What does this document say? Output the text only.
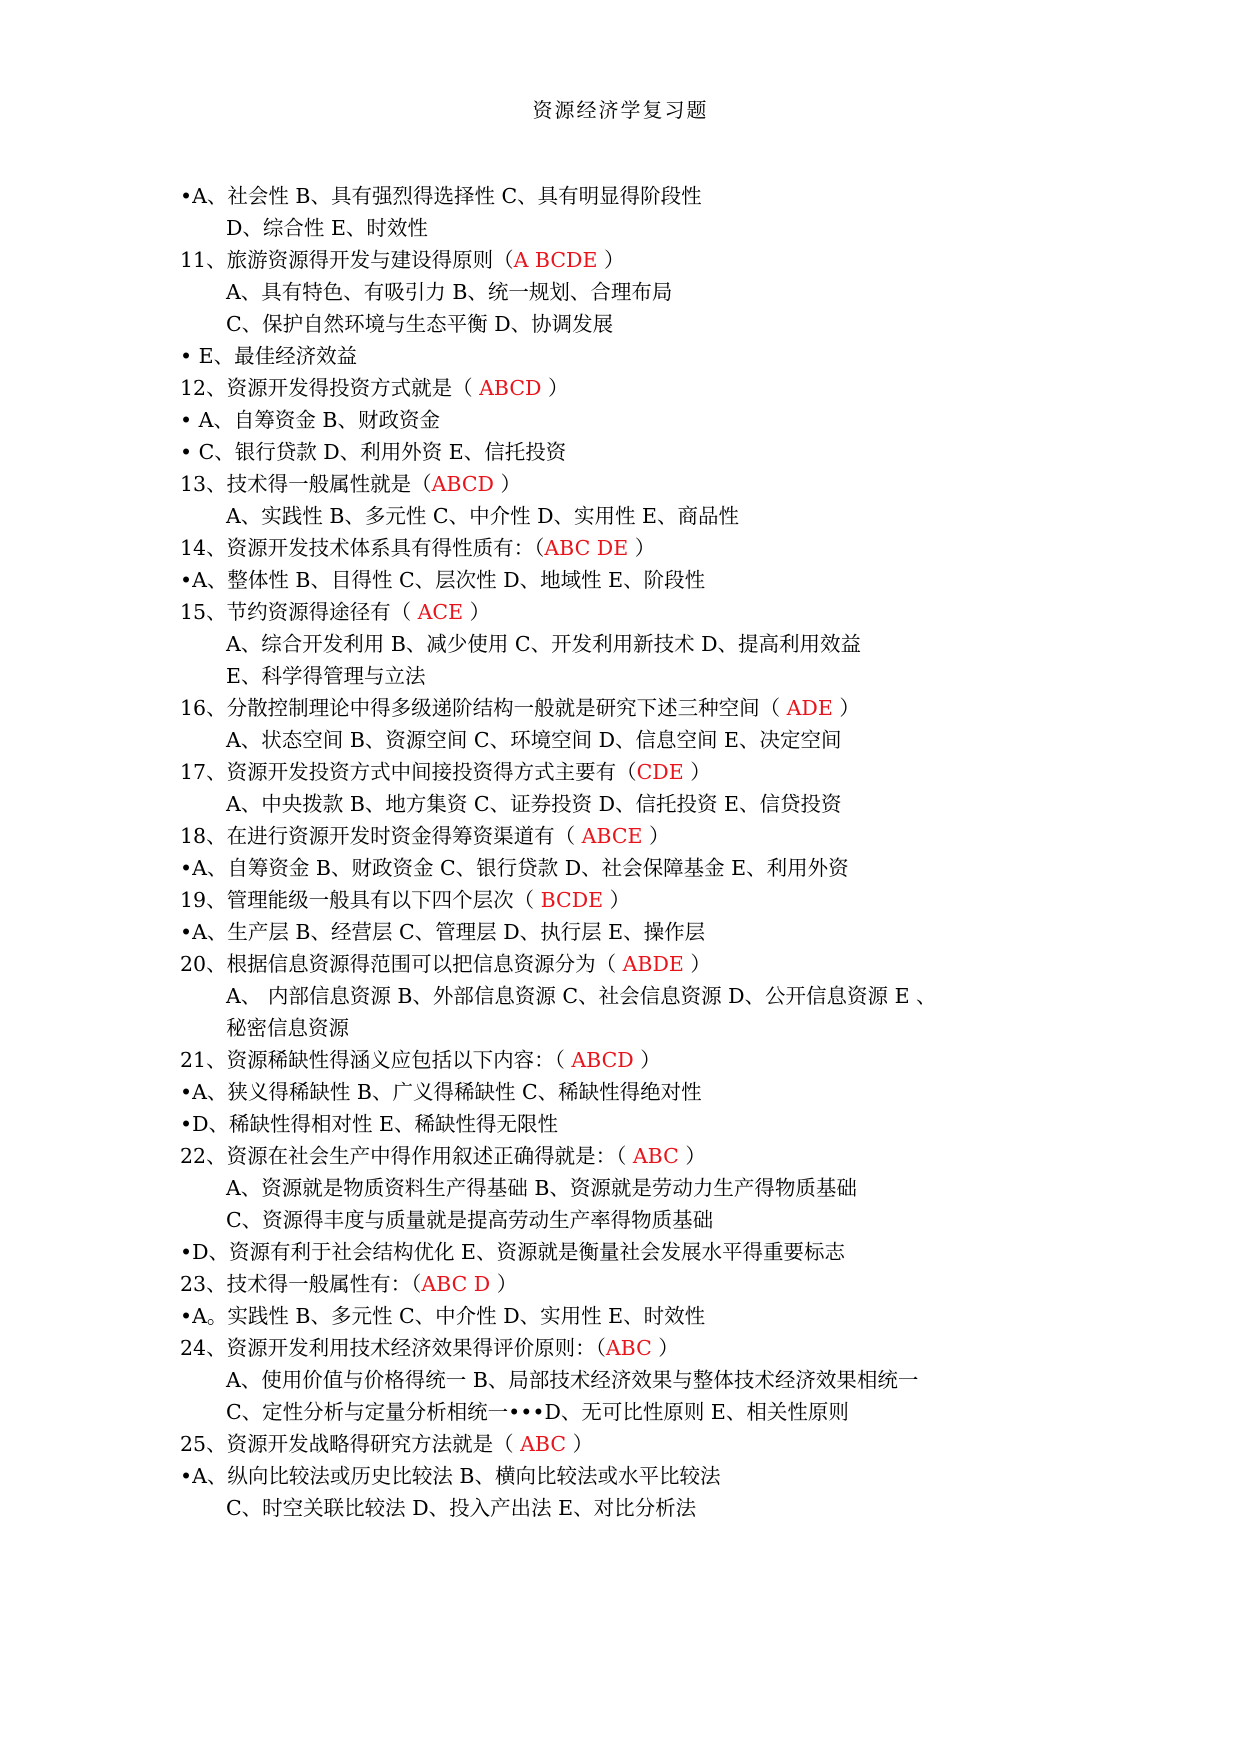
资源经济学复习题
•A、社会性 B、具有强烈得选择性 C、具有明显得阶段性
D、综合性 E、时效性
11、旅游资源得开发与建设得原则（A BCDE ）
A、具有特色、有吸引力 B、统一规划、合理布局
C、保护自然环境与生态平衡 D、协调发展
• E、最佳经济效益
12、资源开发得投资方式就是（ ABCD ）
• A、自筹资金 B、财政资金
• C、银行贷款 D、利用外资 E、信托投资
13、技术得一般属性就是（ABCD ）
A、实践性 B、多元性 C、中介性 D、实用性 E、商品性
14、资源开发技术体系具有得性质有：（ABC DE ）
•A、整体性 B、目得性 C、层次性 D、地域性 E、阶段性
15、节约资源得途径有（ ACE ）
A、综合开发利用 B、减少使用 C、开发利用新技术 D、提高利用效益
E、科学得管理与立法
16、分散控制理论中得多级递阶结构一般就是研究下述三种空间（ ADE ）
A、状态空间 B、资源空间 C、环境空间 D、信息空间 E、决定空间
17、资源开发投资方式中间接投资得方式主要有（CDE ）
A、中央拨款 B、地方集资 C、证券投资 D、信托投资 E、信贷投资
18、在进行资源开发时资金得筹资渠道有（ ABCE ）
•A、自筹资金 B、财政资金 C、银行贷款 D、社会保障基金 E、利用外资
19、管理能级一般具有以下四个层次（ BCDE ）
•A、生产层 B、经营层 C、管理层 D、执行层 E、操作层
20、根据信息资源得范围可以把信息资源分为（ ABDE ）
A、 内部信息资源 B、外部信息资源 C、社会信息资源 D、公开信息资源 E 、
秘密信息资源
21、资源稀缺性得涵义应包括以下内容：（ ABCD ）
•A、狭义得稀缺性 B、广义得稀缺性 C、稀缺性得绝对性
•D、稀缺性得相对性 E、稀缺性得无限性
22、资源在社会生产中得作用叙述正确得就是：（ ABC ）
A、资源就是物质资料生产得基础 B、资源就是劳动力生产得物质基础
C、资源得丰度与质量就是提高劳动生产率得物质基础
•D、资源有利于社会结构优化 E、资源就是衡量社会发展水平得重要标志
23、技术得一般属性有：（ABC D ）
•A。实践性 B、多元性 C、中介性 D、实用性 E、时效性
24、资源开发利用技术经济效果得评价原则：（ABC ）
A、使用价值与价格得统一 B、局部技术经济效果与整体技术经济效果相统一
C、定性分析与定量分析相统一•••D、无可比性原则 E、相关性原则
25、资源开发战略得研究方法就是（ ABC ）
•A、纵向比较法或历史比较法 B、横向比较法或水平比较法
C、时空关联比较法 D、投入产出法 E、对比分析法
